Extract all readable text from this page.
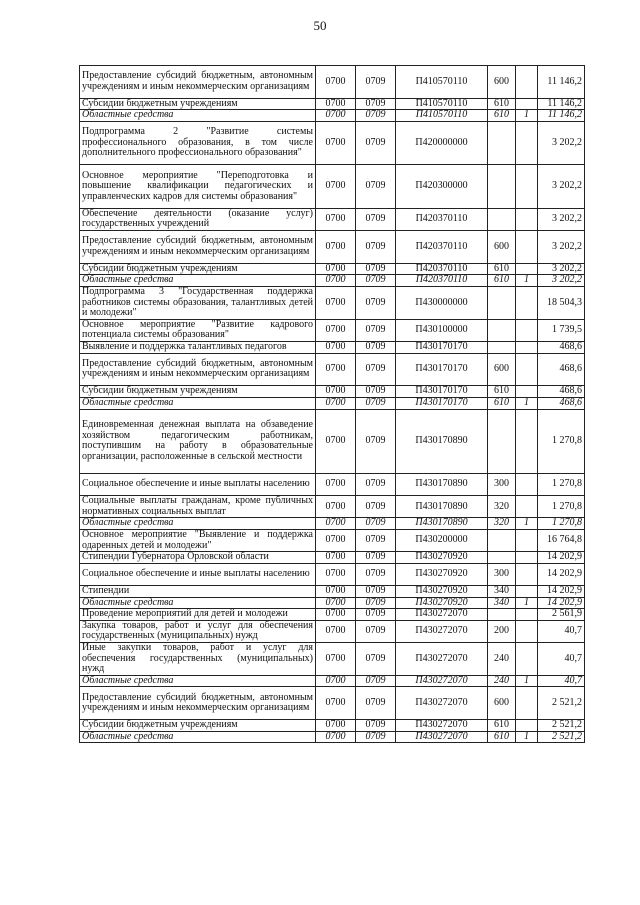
50
Предоставление субсидий бюджетным, автономным учреждениям и иным некоммерческим организациям	0700	0709	П410570110	600		11 146,2
Субсидии бюджетным учреждениям	0700	0709	П410570110	610		11 146,2
Областные средства	0700	0709	П410570110	610	1	11 146,2
Подпрограмма 2 "Развитие системы профессионального образования, в том числе дополнительного профессионального образования"	0700	0709	П420000000			3 202,2
Основное мероприятие "Переподготовка и повышение квалификации педагогических и управленческих кадров для системы образования"	0700	0709	П420300000			3 202,2
Обеспечение деятельности (оказание услуг) государственных учреждений	0700	0709	П420370110			3 202,2
Предоставление субсидий бюджетным, автономным учреждениям и иным некоммерческим организациям	0700	0709	П420370110	600		3 202,2
Субсидии бюджетным учреждениям	0700	0709	П420370110	610		3 202,2
Областные средства	0700	0709	П420370110	610	1	3 202,2
Подпрограмма 3 "Государственная поддержка работников системы образования, талантливых детей и молодежи"	0700	0709	П430000000			18 504,3
Основное мероприятие "Развитие кадрового потенциала системы образования"	0700	0709	П430100000			1 739,5
Выявление и поддержка талантливых педагогов	0700	0709	П430170170			468,6
Предоставление субсидий бюджетным, автономным учреждениям и иным некоммерческим организациям	0700	0709	П430170170	600		468,6
Субсидии бюджетным учреждениям	0700	0709	П430170170	610		468,6
Областные средства	0700	0709	П430170170	610	1	468,6
Единовременная денежная выплата на обзаведение хозяйством педагогическим работникам, поступившим на работу в образовательные организации, расположенные в сельской местности	0700	0709	П430170890			1 270,8
Социальное обеспечение и иные выплаты населению	0700	0709	П430170890	300		1 270,8
Социальные выплаты гражданам, кроме публичных нормативных социальных выплат	0700	0709	П430170890	320		1 270,8
Областные средства	0700	0709	П430170890	320	1	1 270,8
Основное мероприятие "Выявление и поддержка одаренных детей и молодежи"	0700	0709	П430200000			16 764,8
Стипендии Губернатора Орловской области	0700	0709	П430270920			14 202,9
Социальное обеспечение и иные выплаты населению	0700	0709	П430270920	300		14 202,9
Стипендии	0700	0709	П430270920	340		14 202,9
Областные средства	0700	0709	П430270920	340	1	14 202,9
Проведение мероприятий для детей и молодежи	0700	0709	П430272070			2 561,9
Закупка товаров, работ и услуг для обеспечения государственных (муниципальных) нужд	0700	0709	П430272070	200		40,7
Иные закупки товаров, работ и услуг для обеспечения государственных (муниципальных) нужд	0700	0709	П430272070	240		40,7
Областные средства	0700	0709	П430272070	240	1	40,7
Предоставление субсидий бюджетным, автономным учреждениям и иным некоммерческим организациям	0700	0709	П430272070	600		2 521,2
Субсидии бюджетным учреждениям	0700	0709	П430272070	610		2 521,2
Областные средства	0700	0709	П430272070	610	1	2 521,2
